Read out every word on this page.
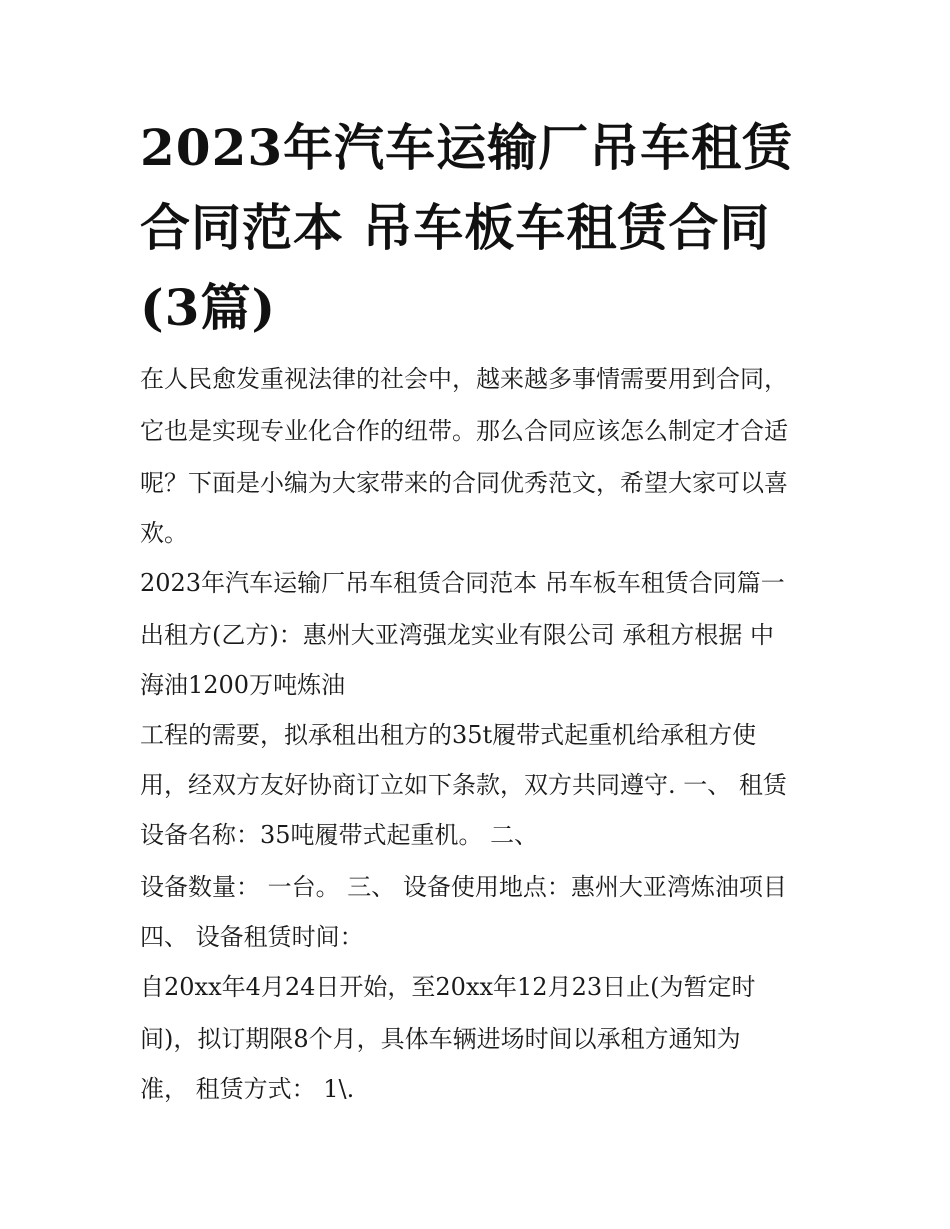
2023年汽车运输厂吊车租赁合同范本 吊车板车租赁合同(3篇)

在人民愈发重视法律的社会中，越来越多事情需要用到合同，

它也是实现专业化合作的纽带。那么合同应该怎么制定才合适

呢？下面是小编为大家带来的合同优秀范文，希望大家可以喜

欢。

2023年汽车运输厂吊车租赁合同范本 吊车板车租赁合同篇一

出租方(乙方)：惠州大亚湾强龙实业有限公司 承租方根据 中

海油1200万吨炼油

工程的需要，拟承租出租方的35t履带式起重机给承租方使

用，经双方友好协商订立如下条款，双方共同遵守. 一、 租赁

设备名称：35吨履带式起重机。 二、

设备数量： 一台。 三、 设备使用地点：惠州大亚湾炼油项目

四、 设备租赁时间：

自20xx年4月24日开始，至20xx年12月23日止(为暂定时

间)，拟订期限8个月，具体车辆进场时间以承租方通知为

准， 租赁方式： 1\.
